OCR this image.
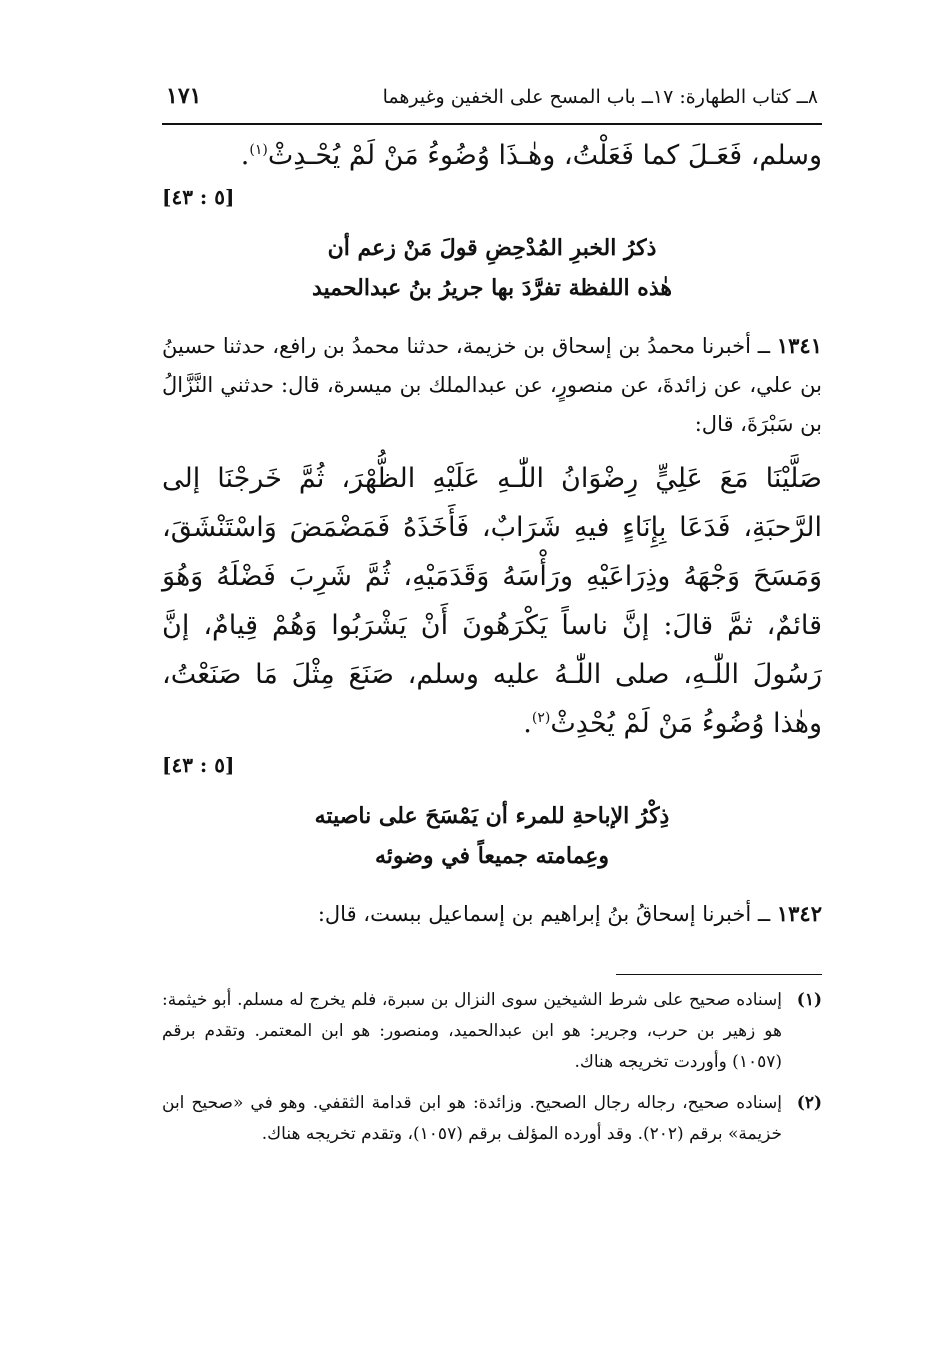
٨ــ كتاب الطهارة: ١٧ــ باب المسح على الخفين وغيرهما
١٧١
وسلم، فَعَـلَ كما فَعَلْتُ، وهٰـذَا وُضُوءُ مَنْ لَمْ يُحْـدِثْ$^{(١)}$.
[٥ : ٤٣]
ذكرُ الخبرِ المُدْحِضِ قولَ مَنْ زعم أن
هٰذه اللفظة تفرَّدَ بها جريرُ بنُ عبدالحميد
١٣٤١ ــ أخبرنا محمدُ بن إسحاق بن خزيمة، حدثنا محمدُ بن رافع، حدثنا حسينُ بن علي، عن زائدةَ، عن منصورٍ، عن عبدالملك بن ميسرة، قال: حدثني النَّزَّالُ بن سَبْرَةَ، قال:
صَلَّيْنَا مَعَ عَلِيٍّ رِضْوَانُ اللّٰـهِ عَلَيْهِ الظُّهْرَ، ثُمَّ خَرجْنَا إلى الرَّحبَةِ، فَدَعَا بِإِنَاءٍ فيهِ شَرَابٌ، فَأَخَذَهُ فَمَضْمَضَ وَاسْتَنْشَقَ، وَمَسَحَ وَجْهَهُ وذِرَاعَيْهِ ورَأْسَهُ وَقَدَمَيْهِ، ثُمَّ شَرِبَ فَضْلَهُ وَهُوَ قائمٌ، ثمَّ قالَ: إنَّ ناساً يَكْرَهُونَ أَنْ يَشْرَبُوا وَهُمْ قِيامٌ، إنَّ رَسُولَ اللّٰـهِ، صلى اللّٰـهُ عليه وسلم، صَنَعَ مِثْلَ مَا صَنَعْتُ، وهٰذا وُضُوءُ مَنْ لَمْ يُحْدِثْ$^{(٢)}$.
[٥ : ٤٣]
ذِكْرُ الإباحةِ للمرء أن يَمْسَحَ على ناصيته
وعِمامته جميعاً في وضوئه
١٣٤٢ ــ أخبرنا إسحاقُ بنُ إبراهيم بن إسماعيل ببست، قال:
(١)
إسناده صحيح على شرط الشيخين سوى النزال بن سبرة، فلم يخرج له مسلم. أبو خيثمة: هو زهير بن حرب، وجرير: هو ابن عبدالحميد، ومنصور: هو ابن المعتمر. وتقدم برقم (١٠٥٧) وأوردت تخريجه هناك.
(٢)
إسناده صحيح، رجاله رجال الصحيح. وزائدة: هو ابن قدامة الثقفي. وهو في «صحيح ابن خزيمة» برقم (٢٠٢). وقد أورده المؤلف برقم (١٠٥٧)، وتقدم تخريجه هناك.
